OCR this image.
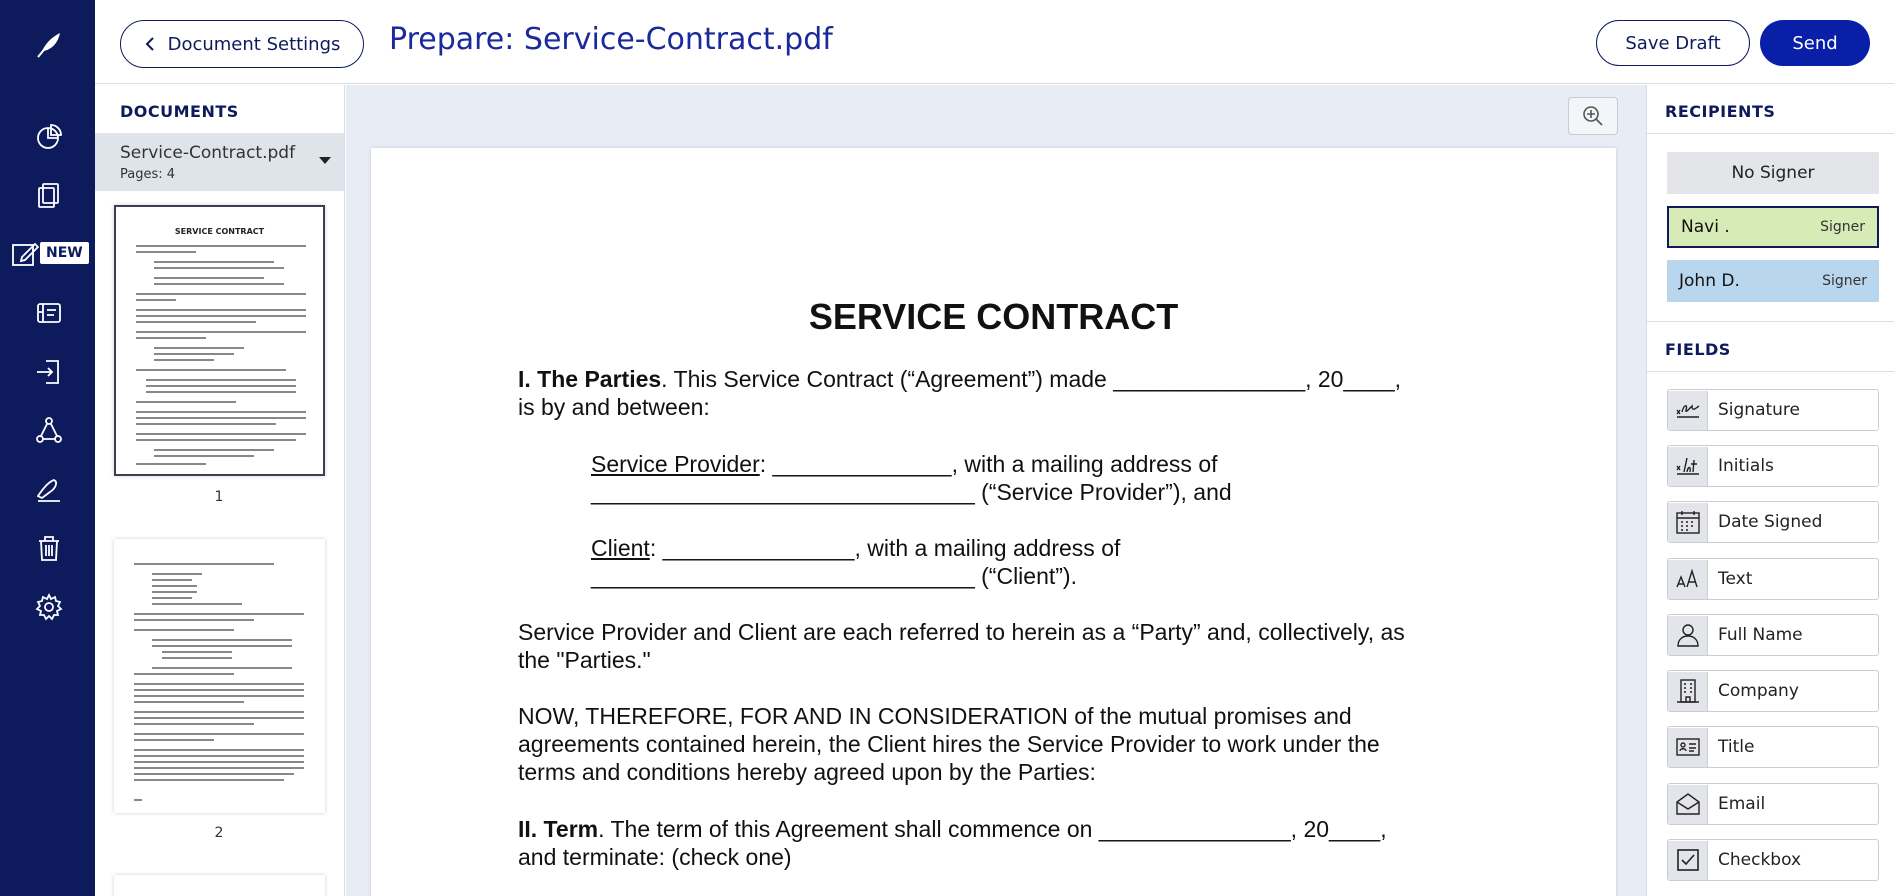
NEW
Document Settings Prepare: Service-Contract.pdf	Save Draft	Send
DOCUMENTS
Service-Contract.pdf
Pages: 4
SERVICE CONTRACT
1
2
SERVICE CONTRACT
I. The Parties. This Service Contract (“Agreement”) made _______________, 20____,
is by and between:
Service Provider: ______________, with a mailing address of
______________________________ (“Service Provider”), and
Client: _______________, with a mailing address of
______________________________ (“Client”).
Service Provider and Client are each referred to herein as a “Party” and, collectively, as
the "Parties."
NOW, THEREFORE, FOR AND IN CONSIDERATION of the mutual promises and
agreements contained herein, the Client hires the Service Provider to work under the
terms and conditions hereby agreed upon by the Parties:
II. Term. The term of this Agreement shall commence on _______________, 20____,
and terminate: (check one)
RECIPIENTS
No Signer
Navi .	Signer
John D.	Signer
FIELDS
Signature
Initials
Date Signed
Text
Full Name
Company
Title
Email
Checkbox
